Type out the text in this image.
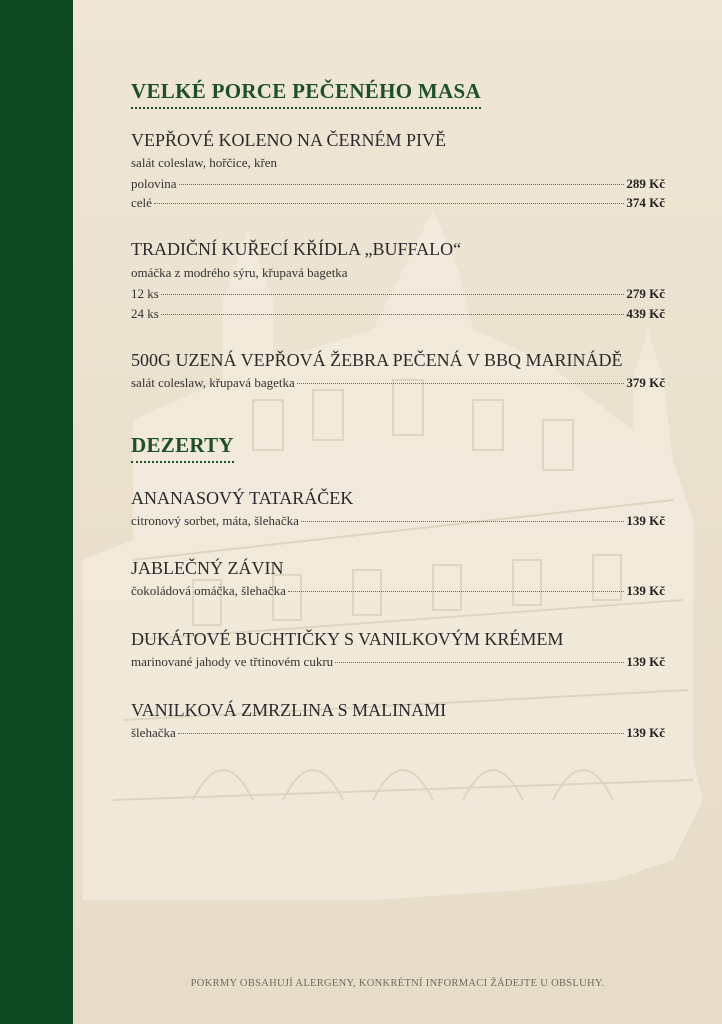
VELKÉ PORCE PEČENÉHO MASA
VEPŘOVÉ KOLENO NA ČERNÉM PIVĚ
salát coleslaw, hořčice, křen
polovina	289 Kč
celé	374 Kč
TRADIČNÍ KUŘECÍ KŘÍDLA „BUFFALO“
omáčka z modrého sýru, křupavá bagetka
12 ks	279 Kč
24 ks	439 Kč
500G UZENÁ VEPŘOVÁ ŽEBRA PEČENÁ V BBQ MARINÁDĚ
salát coleslaw, křupavá bagetka	379 Kč
DEZERTY
ANANASOVÝ TATARÁČEK
citronový sorbet, máta, šlehačka	139 Kč
JABLEČNÝ ZÁVIN
čokoládová omáčka, šlehačka	139 Kč
DUKÁTOVÉ BUCHTIČKY S VANILKOVÝM KRÉMEM
marinované jahody ve třtinovém cukru	139 Kč
VANILKOVÁ ZMRZLINA S MALINAMI
šlehačka	139 Kč
POKRMY OBSAHUJÍ ALERGENY, KONKRÉTNÍ INFORMACI ŽÁDEJTE U OBSLUHY.
